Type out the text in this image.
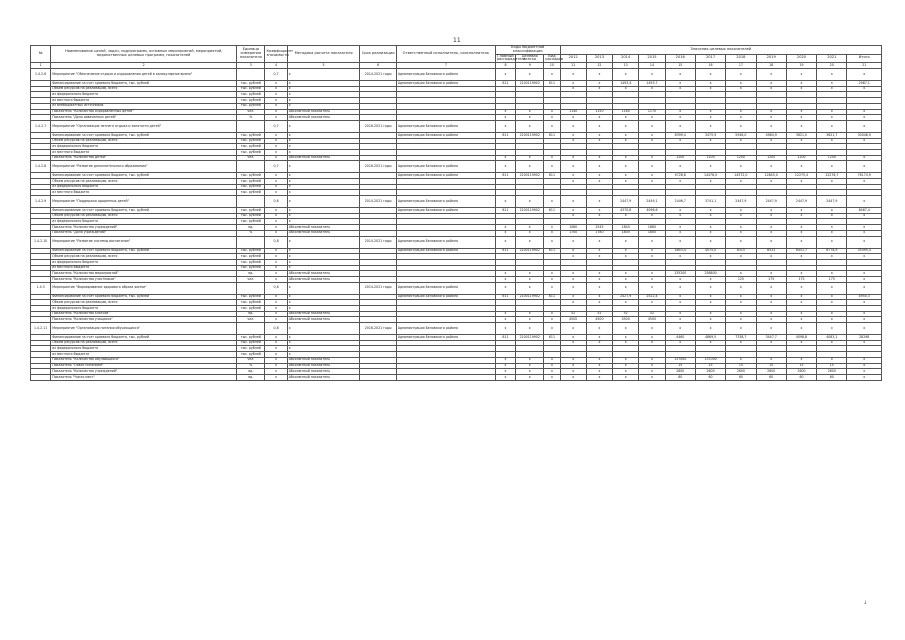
11
№	Наименование целей, задач, подпрограмм, основных мероприятий, мероприятий, ведомственных целевых программ, показателей	Единица измерения показателя	Коэффициент значимости	Методика расчета показателя	Срок реализации	Ответственный исполнитель, соисполнитель	Коды бюджетной классификации			Значения целевых показателей										
							Главный распорядитель	Целевая статья	Вид расходов	2012	2013	2014	2015	2016	2017	2018	2019	2020	2021	Итого
1	2	3	4	5	6	7	8	9	10	11	12	13	14	15	16	17	18	19	20	21
1.4.2.6	Мероприятие "Обеспечение отдыха и оздоровления детей в каникулярное время"		0,7	х	2014-2021 годы	Администрация Беловского района	х	х	х	х	х	х	х	х	х	х	х	х	х	х
	Финансирование за счет краевого бюджета, тыс. рублей	тыс. рублей	х	х		Администрация Беловского района	611	2100119902	611	х	х	1493,4	1493,7	х	х	х	х	х	х	2987,1
	Объем ресурсов на реализацию, всего	тыс. рублей	х	х						х	х	х	х	х	х	х	х	х	х	х
	из федерального бюджета	тыс. рублей	х	х																
	из местного бюджета	тыс. рублей	х	х																
	из внебюджетных источников	тыс. рублей	х	х																
	Показатель "Количество оздоровленных детей"	чел.	х	Абсолютный показатель			х	х	х	1140	1150	1160	1170	х	х	х	х	х	х	х
	Показатель "Доля охваченных детей"	%	х	Абсолютный показатель			х	х	х	х	х	х	х	х	х	х	х	х	х	х
1.4.2.7	Мероприятие "Организация летнего отдыха и занятости детей"		0,7	х	2016-2021 годы	Администрация Беловского района	х	х	х	х	х	х	х	х	х	х	х	х	х	х
	Финансирование за счет краевого бюджета, тыс. рублей	тыс. рублей	х	х		Администрация Беловского района	611	2100119902	611	х	х	х	х	8399,4	3475,9	5946,0	4984,9	3621,0	3621,7	30048,9
	Объем ресурсов на реализацию, всего	тыс. рублей	х	х						х	х	х	х	х	х	х	х	х	х	х
	из федерального бюджета	тыс. рублей	х	х																
	из местного бюджета	тыс. рублей	х	х																
	Показатель "Количество детей"	чел.	х	Абсолютный показатель			х	х	х	х	х	х	х	1200	1200	1200	1200	1200	1200	х
1.4.2.8	Мероприятие "Развитие дополнительного образования"		0,7	х	2016-2021 годы	Администрация Беловского района	х	х	х	х	х	х	х	х	х	х	х	х	х	х
	Финансирование за счет краевого бюджета, тыс. рублей	тыс. рублей	х	х		Администрация Беловского района	611	2100119902	611	х	х	х	х	9728,8	14476,0	14572,0	12845,0	12275,4	12276,7	76174,9
	Объем ресурсов на реализацию, всего	тыс. рублей	х	х						х	х	х	х	х	х	х	х	х	х	х
	из федерального бюджета	тыс. рублей	х	х																
	из местного бюджета	тыс. рублей	х	х																
1.4.2.9	Мероприятие "Поддержка одаренных детей"		0,6	х	2014-2021 годы	Администрация Беловского района	х	х	х	х	х	2447,9	2449,1	2446,7	3741,1	2447,9	2447,9	2447,9	2447,9	х
	Финансирование за счет краевого бюджета, тыс. рублей	тыс. рублей	х	х		Администрация Беловского района	611	2100119902	611	х	х	4370,8	4096,6	х	х	х	х	х	х	8467,4
	Объем ресурсов на реализацию, всего	тыс. рублей	х	х						х	х	х	х	х	х	х	х	х	х	х
	из федерального бюджета	тыс. рублей	х	х																
	Показатель "Количество учреждений"	ед.	х	Абсолютный показатель			х	х	х	1080	2545	1840	1860	х	х	х	х	х	х	х
	Показатель "Доля учреждений"	%	х	Абсолютный показатель			х	х	х	1700	1780	1800	1800	х	х	х	х	х	х	х
1.4.2.10	Мероприятие "Развитие системы воспитания"		0,8	х	2014-2021 годы	Администрация Беловского района	х	х	х	х	х	х	х	х	х	х	х	х	х	х
	Финансирование за счет краевого бюджета, тыс. рублей	тыс. рублей	х	х		Администрация Беловского района	611	2100119902	611	х	х	х	х	4853,4	4575,0	6315	6532	6451,7	6778,9	35495,4
	Объем ресурсов на реализацию, всего	тыс. рублей	х	х						х	х	х	х	х	х	х	х	х	х	х
	из федерального бюджета	тыс. рублей	х	х																
	из местного бюджета	тыс. рублей	х	х																
	Показатель "Количество мероприятий"	ед.	х	Абсолютный показатель			х	х	х	х	х	х	х	135200	258800	х	х	х	х	х
	Показатель "Количество участников"	чел.	х	Абсолютный показатель			х	х	х	х	х	х	х	х	х	125	175	175	175	х
1.4.3	Мероприятие "Формирование здорового образа жизни"		0,6	х	2014-2021 годы	Администрация Беловского района	х	х	х	х	х	х	х	х	х	х	х	х	х	х
	Финансирование за счет краевого бюджета, тыс. рублей	тыс. рублей	х	х		Администрация Беловского района	611	2100119902	611	х	х	2427,9	2522,4	х	х	х	х	х	х	4950,3
	Объем ресурсов на реализацию, всего	тыс. рублей	х	х						х	х	х	х	х	х	х	х	х	х	х
	из федерального бюджета	тыс. рублей	х	х																
	Показатель "Количество классов"	ед.	х	Абсолютный показатель			х	х	х	52	52	52	52	х	х	х	х	х	х	х
	Показатель "Количество учащихся"	чел.	х	Абсолютный показатель			х	х	х	4500	4500	4500	4500	х	х	х	х	х	х	х
1.4.2.11	Мероприятие "Организация питания обучающихся"		0,8	х	2016-2021 годы	Администрация Беловского района	х	х	х	х	х	х	х	х	х	х	х	х	х	х
	Финансирование за счет краевого бюджета, тыс. рублей	тыс. рублей	х	х		Администрация Беловского района	611	2100119902	611	х	х	х	х	4460	4869,5	7338,7	3447,7	4098,8	4083,1	28298
	Объем ресурсов на реализацию, всего	тыс. рублей	х	х						х	х	х	х	х	х	х	х	х	х	х
	из федерального бюджета	тыс. рублей	х	х																
	из местного бюджета	тыс. рублей	х	х																
	Показатель "Количество обучающихся"	чел.	х	Абсолютный показатель			х	х	х	х	х	х	х	137000	137000	х	х	х	х	х
	Показатель "Охват питанием"	%	х	Абсолютный показатель			х	х	х	х	х	х	х	15	15	15	15	15	15	х
	Показатель "Количество учреждений"	ед.	х	Абсолютный показатель			х	х	х	х	х	х	х	2600	2600	2600	2600	2600	2600	х
	Показатель "Число мест"	ед.	х	Абсолютный показатель			х	х	х	х	х	х	х	60	60	60	60	60	60	х
↓
